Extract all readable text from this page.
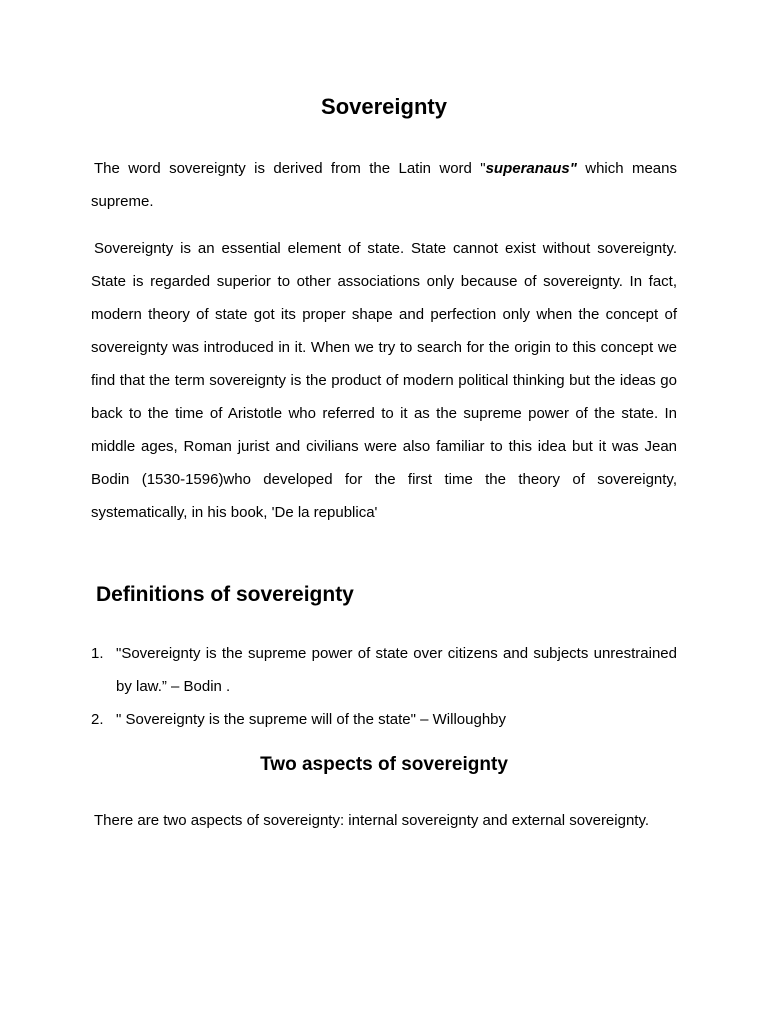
Sovereignty

The word sovereignty is derived from the Latin word "superanaus" which means supreme.

Sovereignty is an essential element of state. State cannot exist without sovereignty. State is regarded superior to other associations only because of sovereignty. In fact, modern theory of state got its proper shape and perfection only when the concept of sovereignty was introduced in it. When we try to search for the origin to this concept we find that the term sovereignty is the product of modern political thinking but the ideas go back to the time of Aristotle who referred to it as the supreme power of the state. In middle ages, Roman jurist and civilians were also familiar to this idea but it was Jean Bodin (1530-1596)who developed for the first time the theory of sovereignty, systematically, in his book, 'De la republica'

Definitions of sovereignty
1. "Sovereignty is the supreme power of state over citizens and subjects unrestrained by law.” – Bodin .
2. " Sovereignty is the supreme will of the state" – Willoughby
Two aspects of sovereignty

There are two aspects of sovereignty: internal sovereignty and external sovereignty.
